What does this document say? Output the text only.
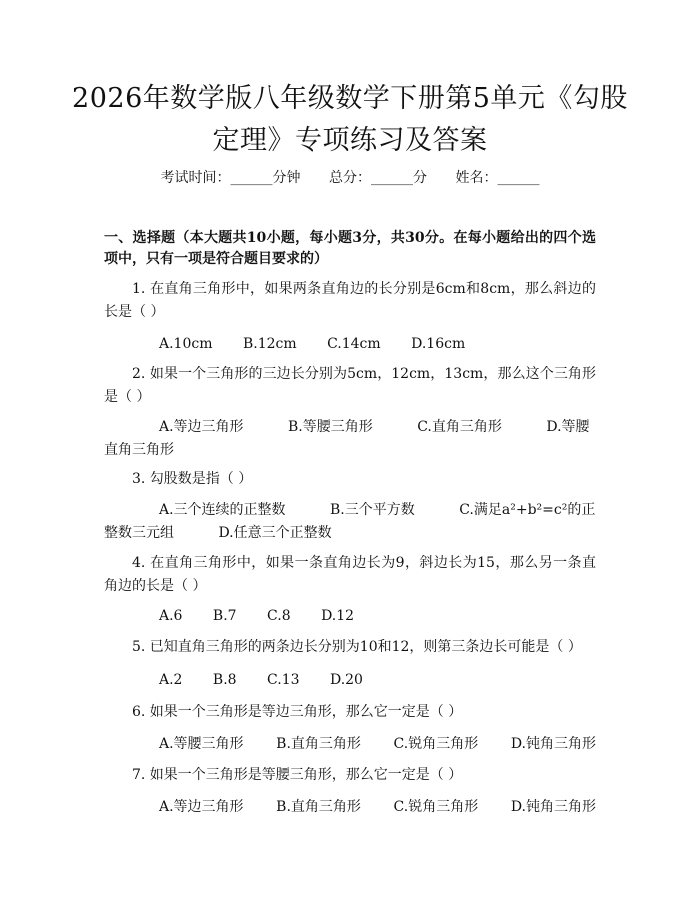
2026年数学版八年级数学下册第5单元《勾股定理》专项练习及答案
考试时间：______分钟 总分：______分 姓名：______
一、选择题（本大题共10小题，每小题3分，共30分。在每小题给出的四个选项中，只有一项是符合题目要求的）
1. 在直角三角形中，如果两条直角边的长分别是6cm和8cm，那么斜边的长是（ ）
A.10cm B.12cm C.14cm D.16cm
2. 如果一个三角形的三边长分别为5cm，12cm，13cm，那么这个三角形是（ ）
A.等边三角形	B.等腰三角形	C.直角三角形	D.等腰直角三角形
3. 勾股数是指（ ）
A.三个连续的正整数	B.三个平方数	C.满足a²+b²=c²的正整数三元组	D.任意三个正整数
4. 在直角三角形中，如果一条直角边长为9，斜边长为15，那么另一条直角边的长是（ ）
A.6 B.7 C.8 D.12
5. 已知直角三角形的两条边长分别为10和12，则第三条边长可能是（ ）
A.2 B.8 C.13 D.20
6. 如果一个三角形是等边三角形，那么它一定是（ ）
A.等腰三角形 B.直角三角形 C.锐角三角形 D.钝角三角形
7. 如果一个三角形是等腰三角形，那么它一定是（ ）
A.等边三角形 B.直角三角形 C.锐角三角形 D.钝角三角形
